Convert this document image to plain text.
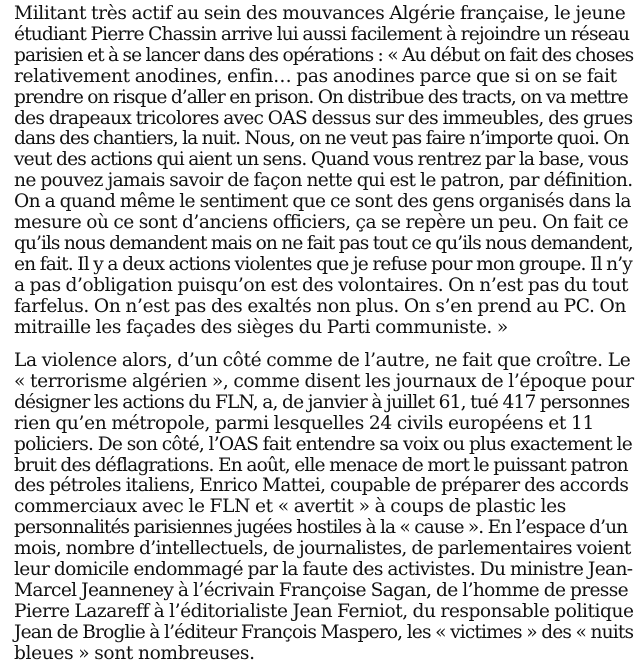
Militant très actif au sein des mouvances Algérie française, le jeune
étudiant Pierre Chassin arrive lui aussi facilement à rejoindre un réseau
parisien et à se lancer dans des opérations : « Au début on fait des choses
relativement anodines, enfin… pas anodines parce que si on se fait
prendre on risque d’aller en prison. On distribue des tracts, on va mettre
des drapeaux tricolores avec OAS dessus sur des immeubles, des grues
dans des chantiers, la nuit. Nous, on ne veut pas faire n’importe quoi. On
veut des actions qui aient un sens. Quand vous rentrez par la base, vous
ne pouvez jamais savoir de façon nette qui est le patron, par définition.
On a quand même le sentiment que ce sont des gens organisés dans la
mesure où ce sont d’anciens officiers, ça se repère un peu. On fait ce
qu’ils nous demandent mais on ne fait pas tout ce qu’ils nous demandent,
en fait. Il y a deux actions violentes que je refuse pour mon groupe. Il n’y
a pas d’obligation puisqu’on est des volontaires. On n’est pas du tout
farfelus. On n’est pas des exaltés non plus. On s’en prend au PC. On
mitraille les façades des sièges du Parti communiste. »

La violence alors, d’un côté comme de l’autre, ne fait que croître. Le
« terrorisme algérien », comme disent les journaux de l’époque pour
désigner les actions du FLN, a, de janvier à juillet 61, tué 417 personnes
rien qu’en métropole, parmi lesquelles 24 civils européens et 11
policiers. De son côté, l’OAS fait entendre sa voix ou plus exactement le
bruit des déflagrations. En août, elle menace de mort le puissant patron
des pétroles italiens, Enrico Mattei, coupable de préparer des accords
commerciaux avec le FLN et « avertit » à coups de plastic les
personnalités parisiennes jugées hostiles à la « cause ». En l’espace d’un
mois, nombre d’intellectuels, de journalistes, de parlementaires voient
leur domicile endommagé par la faute des activistes. Du ministre Jean-
Marcel Jeanneney à l’écrivain Françoise Sagan, de l’homme de presse
Pierre Lazareff à l’éditorialiste Jean Ferniot, du responsable politique
Jean de Broglie à l’éditeur François Maspero, les « victimes » des « nuits
bleues » sont nombreuses.
